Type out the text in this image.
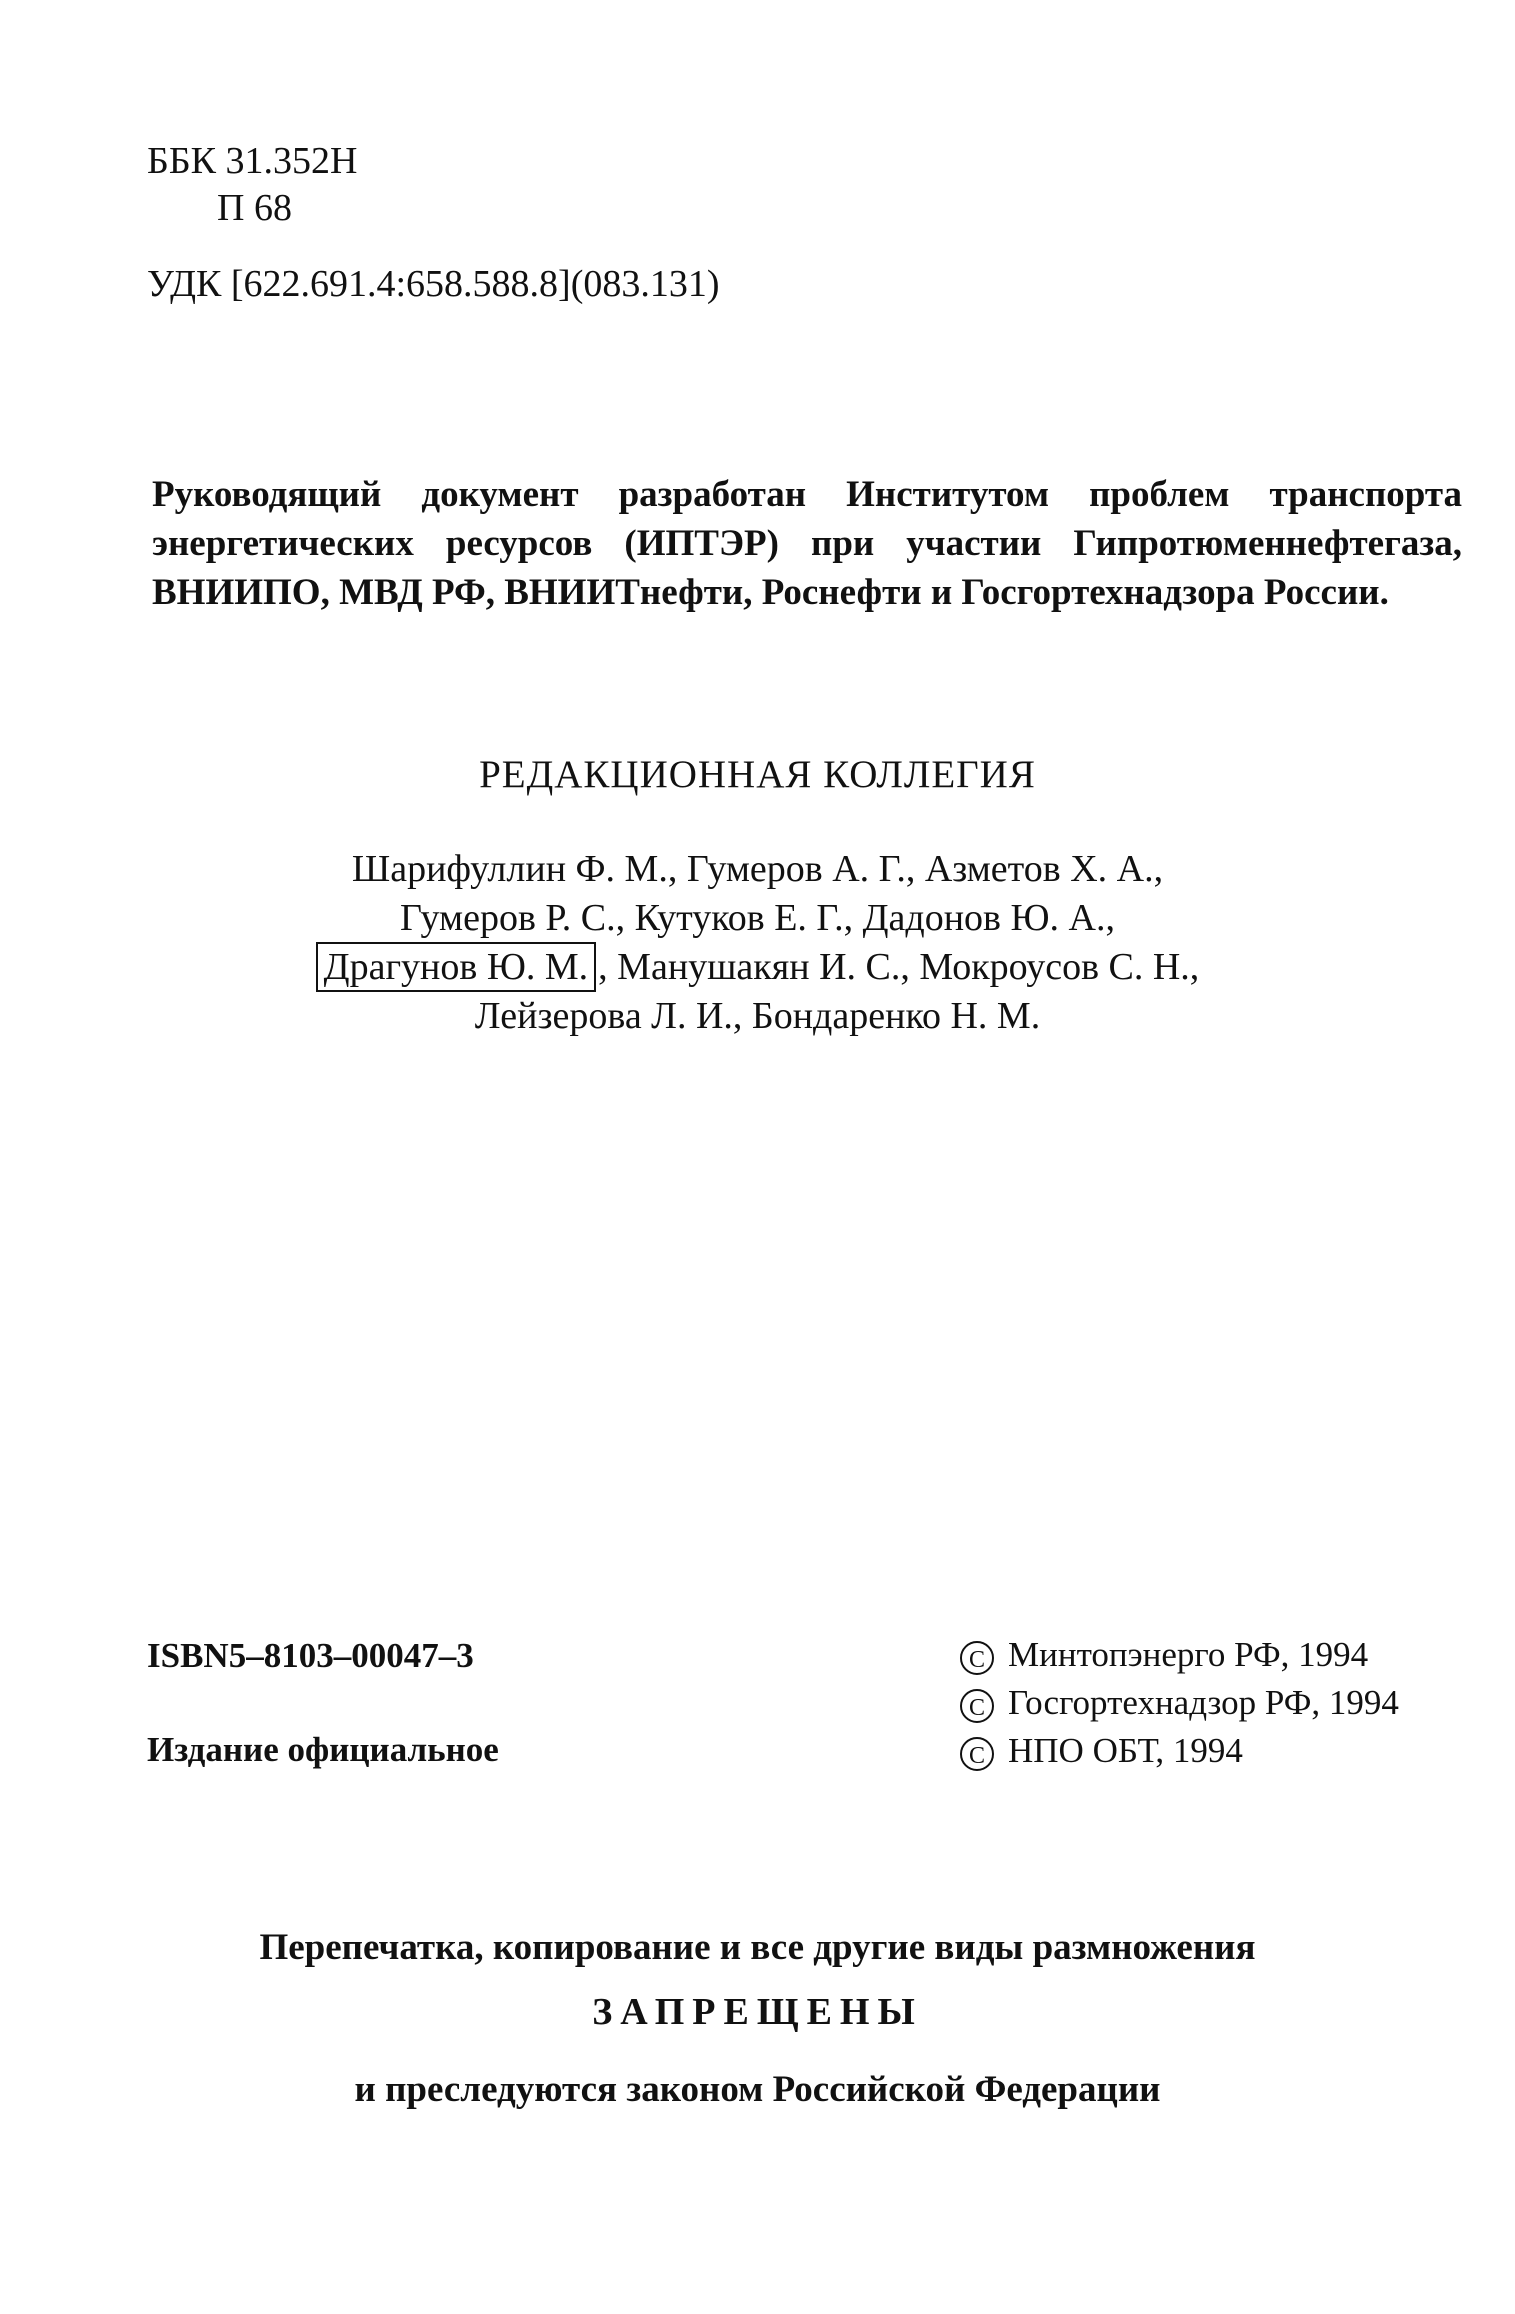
ББК 31.352Н
П 68
УДК [622.691.4:658.588.8](083.131)
Руководящий документ разработан Институтом проблем транспорта
энергетических ресурсов (ИПТЭР) при участии Гипротюменнефтегаза,
ВНИИПО, МВД РФ, ВНИИТнефти, Роснефти и Госгортехнадзора России.
РЕДАКЦИОННАЯ КОЛЛЕГИЯ
Шарифуллин Ф. М., Гумеров А. Г., Азметов Х. А.,
Гумеров Р. С., Кутуков Е. Г., Дадонов Ю. А.,
Драгунов Ю. М. , Манушакян И. С., Мокроусов С. Н.,
Лейзерова Л. И., Бондаренко Н. М.
ISBN5–8103–00047–3
Издание официальное
C Минтопэнерго РФ, 1994
C Госгортехнадзор РФ, 1994
C НПО ОБТ, 1994
Перепечатка, копирование и все другие виды размножения
ЗАПРЕЩЕНЫ
и преследуются законом Российской Федерации
